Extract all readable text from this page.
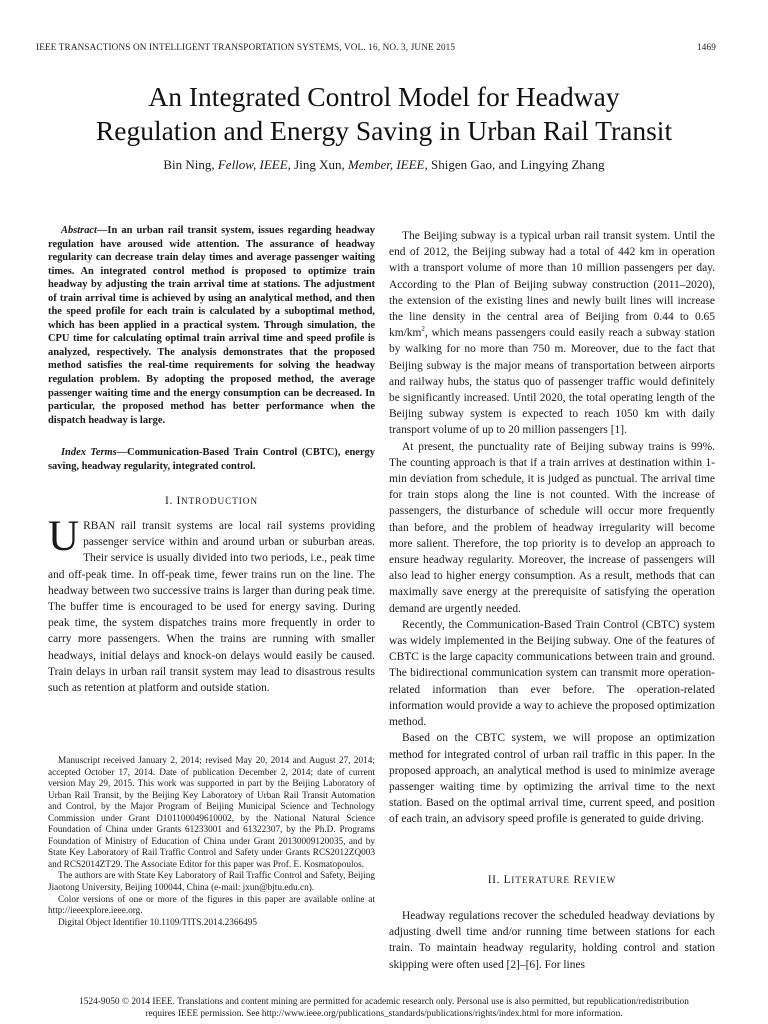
IEEE TRANSACTIONS ON INTELLIGENT TRANSPORTATION SYSTEMS, VOL. 16, NO. 3, JUNE 2015	1469
An Integrated Control Model for Headway
Regulation and Energy Saving in Urban Rail Transit
Bin Ning, Fellow, IEEE, Jing Xun, Member, IEEE, Shigen Gao, and Lingying Zhang
Abstract—In an urban rail transit system, issues regarding headway regulation have aroused wide attention. The assurance of headway regularity can decrease train delay times and average passenger waiting times. An integrated control method is proposed to optimize train headway by adjusting the train arrival time at stations. The adjustment of train arrival time is achieved by using an analytical method, and then the speed profile for each train is calculated by a suboptimal method, which has been applied in a practical system. Through simulation, the CPU time for calculating optimal train arrival time and speed profile is analyzed, respectively. The analysis demonstrates that the proposed method satisfies the real-time requirements for solving the headway regulation problem. By adopting the proposed method, the average passenger waiting time and the energy consumption can be decreased. In particular, the proposed method has better performance when the dispatch headway is large.
Index Terms—Communication-Based Train Control (CBTC), energy saving, headway regularity, integrated control.
I. INTRODUCTION

URBAN rail transit systems are local rail systems providing passenger service within and around urban or suburban areas. Their service is usually divided into two periods, i.e., peak time and off-peak time. In off-peak time, fewer trains run on the line. The headway between two successive trains is larger than during peak time. The buffer time is encouraged to be used for energy saving. During peak time, the system dispatches trains more frequently in order to carry more passengers. When the trains are running with smaller headways, initial delays and knock-on delays would easily be caused. Train delays in urban rail transit system may lead to disastrous results such as retention at platform and outside station.

Manuscript received January 2, 2014; revised May 20, 2014 and August 27, 2014; accepted October 17, 2014. Date of publication December 2, 2014; date of current version May 29, 2015. This work was supported in part by the Beijing Laboratory of Urban Rail Transit, by the Beijing Key Laboratory of Urban Rail Transit Automation and Control, by the Major Program of Beijing Municipal Science and Technology Commission under Grant D101100049610002, by the National Natural Science Foundation of China under Grants 61233001 and 61322307, by the Ph.D. Programs Foundation of Ministry of Education of China under Grant 20130009120035, and by State Key Laboratory of Rail Traffic Control and Safety under Grants RCS2012ZQ003 and RCS2014ZT29. The Associate Editor for this paper was Prof. E. Kosmatopoulos.

The authors are with State Key Laboratory of Rail Traffic Control and Safety, Beijing Jiaotong University, Beijing 100044, China (e-mail: jxun@bjtu.edu.cn).

Color versions of one or more of the figures in this paper are available online at http://ieeexplore.ieee.org.

Digital Object Identifier 10.1109/TITS.2014.2366495

The Beijing subway is a typical urban rail transit system. Until the end of 2012, the Beijing subway had a total of 442 km in operation with a transport volume of more than 10 million passengers per day. According to the Plan of Beijing subway construction (2011–2020), the extension of the existing lines and newly built lines will increase the line density in the central area of Beijing from 0.44 to 0.65 $km/km^2$, which means passengers could easily reach a subway station by walking for no more than 750 m. Moreover, due to the fact that Beijing subway is the major means of transportation between airports and railway hubs, the status quo of passenger traffic would definitely be significantly increased. Until 2020, the total operating length of the Beijing subway system is expected to reach 1050 km with daily transport volume of up to 20 million passengers [1].

At present, the punctuality rate of Beijing subway trains is 99%. The counting approach is that if a train arrives at destination within 1-min deviation from schedule, it is judged as punctual. The arrival time for train stops along the line is not counted. With the increase of passengers, the disturbance of schedule will occur more frequently than before, and the problem of headway irregularity will become more salient. Therefore, the top priority is to develop an approach to ensure headway regularity. Moreover, the increase of passengers will also lead to higher energy consumption. As a result, methods that can maximally save energy at the prerequisite of satisfying the operation demand are urgently needed.

Recently, the Communication-Based Train Control (CBTC) system was widely implemented in the Beijing subway. One of the features of CBTC is the large capacity communications between train and ground. The bidirectional communication system can transmit more operation-related information than ever before. The operation-related information would provide a way to achieve the proposed optimization method.

Based on the CBTC system, we will propose an optimization method for integrated control of urban rail traffic in this paper. In the proposed approach, an analytical method is used to minimize average passenger waiting time by optimizing the arrival time to the next station. Based on the optimal arrival time, current speed, and position of each train, an advisory speed profile is generated to guide driving.

II. LITERATURE REVIEW

Headway regulations recover the scheduled headway deviations by adjusting dwell time and/or running time between stations for each train. To maintain headway regularity, holding control and station skipping were often used [2]–[6]. For lines

1524-9050 © 2014 IEEE. Translations and content mining are permitted for academic research only. Personal use is also permitted, but republication/redistribution
requires IEEE permission. See http://www.ieee.org/publications_standards/publications/rights/index.html for more information.
